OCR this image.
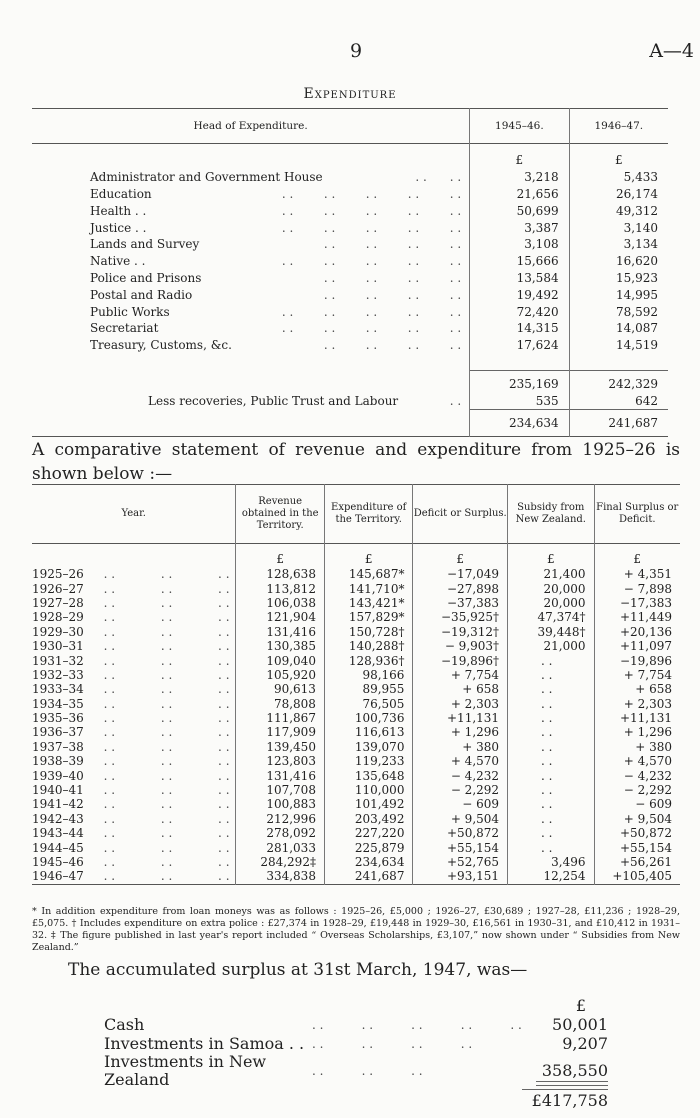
9	A—4
Expenditure
Head of Expenditure.	1945–46.	1946–47.
	£	£
Administrator and Government House . .      . .	3,218	5,433
Education . .        . .        . .        . .        . .	21,656	26,174
Health . . . .        . .        . .        . .        . .	50,699	49,312
Justice . . . .        . .        . .        . .        . .	3,387	3,140
Lands and Survey . .        . .        . .        . .	3,108	3,134
Native . . . .        . .        . .        . .        . .	15,666	16,620
Police and Prisons . .        . .        . .        . .	13,584	15,923
Postal and Radio . .        . .        . .        . .	19,492	14,995
Public Works . .        . .        . .        . .        . .	72,420	78,592
Secretariat . .        . .        . .        . .        . .	14,315	14,087
Treasury, Customs, &c. . .        . .        . .        . .	17,624	14,519

	235,169	242,329
Less recoveries, Public Trust and Labour . .	535	642
	234,634	241,687
A comparative statement of revenue and expenditure from 1925–26 is shown below :—
Year.	Revenue obtained in the Territory.	Expenditure of the Territory.	Deficit or Surplus.	Subsidy from New Zealand.	Final Surplus or Deficit.
	£	£	£	£	£
1925–26 . .            . .            . .	128,638	145,687*	−17,049	21,400	+ 4,351
1926–27 . .            . .            . .	113,812	141,710*	−27,898	20,000	− 7,898
1927–28 . .            . .            . .	106,038	143,421*	−37,383	20,000	−17,383
1928–29 . .            . .            . .	121,904	157,829*	−35,925†	47,374†	+11,449
1929–30 . .            . .            . .	131,416	150,728†	−19,312†	39,448†	+20,136
1930–31 . .            . .            . .	130,385	140,288†	− 9,903†	21,000	+11,097
1931–32 . .            . .            . .	109,040	128,936†	−19,896†	. .	−19,896
1932–33 . .            . .            . .	105,920	98,166	+ 7,754	. .	+ 7,754
1933–34 . .            . .            . .	90,613	89,955	+ 658	. .	+ 658
1934–35 . .            . .            . .	78,808	76,505	+ 2,303	. .	+ 2,303
1935–36 . .            . .            . .	111,867	100,736	+11,131	. .	+11,131
1936–37 . .            . .            . .	117,909	116,613	+ 1,296	. .	+ 1,296
1937–38 . .            . .            . .	139,450	139,070	+ 380	. .	+ 380
1938–39 . .            . .            . .	123,803	119,233	+ 4,570	. .	+ 4,570
1939–40 . .            . .            . .	131,416	135,648	− 4,232	. .	− 4,232
1940–41 . .            . .            . .	107,708	110,000	− 2,292	. .	− 2,292
1941–42 . .            . .            . .	100,883	101,492	− 609	. .	− 609
1942–43 . .            . .            . .	212,996	203,492	+ 9,504	. .	+ 9,504
1943–44 . .            . .            . .	278,092	227,220	+50,872	. .	+50,872
1944–45 . .            . .            . .	281,033	225,879	+55,154	. .	+55,154
1945–46 . .            . .            . .	284,292‡	234,634	+52,765	3,496	+56,261
1946–47 . .            . .            . .	334,838	241,687	+93,151	12,254	+105,405
* In addition expenditure from loan moneys was as follows : 1925–26, £5,000 ; 1926–27, £30,689 ; 1927–28, £11,236 ; 1928–29, £5,075. † Includes expenditure on extra police : £27,374 in 1928–29, £19,448 in 1929–30, £16,561 in 1930–31, and £10,412 in 1931–32. ‡ The figure published in last year's report included “ Overseas Scholarships, £3,107,” now shown under “ Subsidies from New Zealand.”
The accumulated surplus at 31st March, 1947, was—
		£
Cash	. .          . .          . .          . .          . .	50,001
Investments in Samoa . .	. .          . .          . .          . .	9,207
Investments in New Zealand	. .          . .          . .	358,550
		£417,758
